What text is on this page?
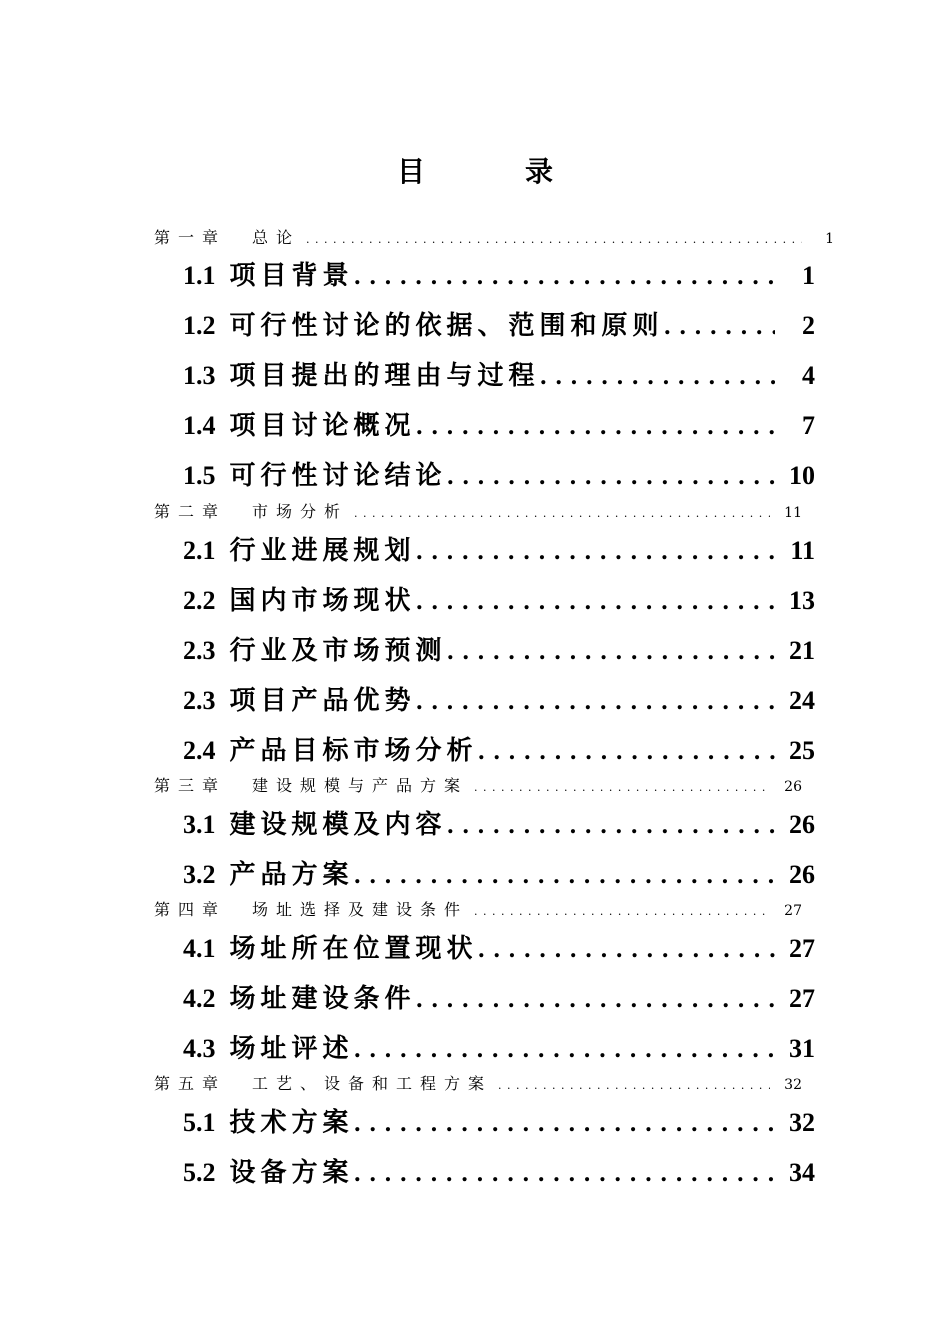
目	录
第一章 总论 . . .	1
1.1 项目背景 . . .	1
1.2 可行性讨论的依据、范围和原则 . . .	2
1.3 项目提出的理由与过程 . . .	4
1.4 项目讨论概况 . . .	7
1.5 可行性讨论结论 . . .	10
第二章 市场分析 . . .	11
2.1 行业进展规划 . . .	11
2.2 国内市场现状 . . .	13
2.3 行业及市场预测 . . .	21
2.3 项目产品优势 . . .	24
2.4 产品目标市场分析 . . .	25
第三章 建设规模与产品方案 . . .	26
3.1 建设规模及内容 . . .	26
3.2 产品方案 . . .	26
第四章 场址选择及建设条件 . . .	27
4.1 场址所在位置现状 . . .	27
4.2 场址建设条件 . . .	27
4.3 场址评述 . . .	31
第五章 工艺、设备和工程方案 . . .	32
5.1 技术方案 . . .	32
5.2 设备方案 . . .	34
